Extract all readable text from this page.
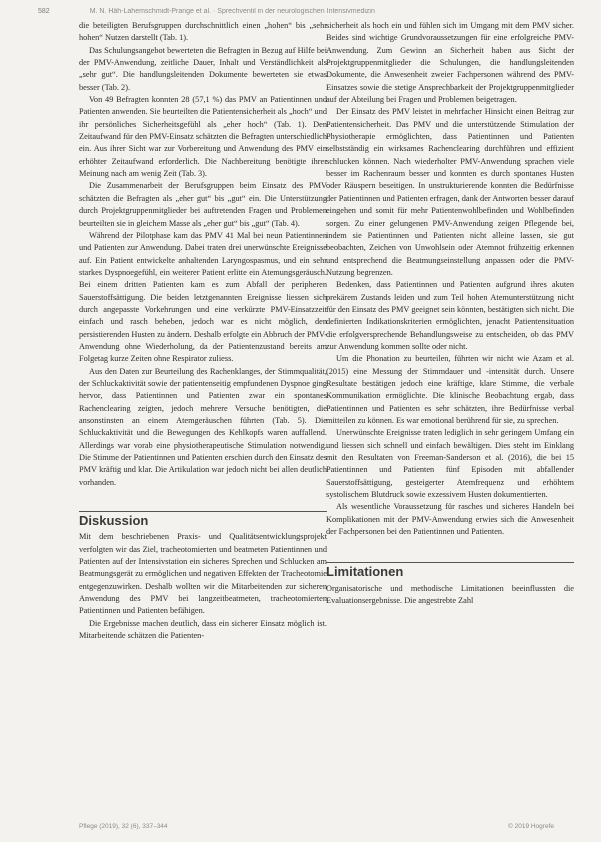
582	M. N. Häh-Lahemschmidt-Prange et al. · Sprechventil in der neurologischen Intensivmedizin

die beteiligten Berufsgruppen durchschnittlich einen „hohen“ bis „sehr hohen“ Nutzen darstellt (Tab. 1).

Das Schulungsangebot bewerteten die Befragten in Bezug auf Hilfe bei der PMV-Anwendung, zeitliche Dauer, Inhalt und Verständlichkeit als „sehr gut“. Die handlungsleitenden Dokumente bewerteten sie etwas besser (Tab. 2).

Von 49 Befragten konnten 28 (57,1 %) das PMV an Patientinnen und Patienten anwenden. Sie beurteilten die Patientensicherheit als „hoch“ und ihr persönliches Sicherheitsgefühl als „eher hoch“ (Tab. 1). Den Zeitaufwand für den PMV-Einsatz schätzten die Befragten unterschiedlich ein. Aus ihrer Sicht war zur Vorbereitung und Anwendung des PMV ein erhöhter Zeitaufwand erforderlich. Die Nachbereitung benötigte ihrer Meinung nach am wenig Zeit (Tab. 3).

Die Zusammenarbeit der Berufsgruppen beim Einsatz des PMV schätzten die Befragten als „eher gut“ bis „gut“ ein. Die Unterstützung durch Projektgruppenmitglieder bei auftretenden Fragen und Problemen beurteilten sie in gleichem Masse als „eher gut“ bis „gut“ (Tab. 4).

Während der Pilotphase kam das PMV 41 Mal bei neun Patientinnen und Patienten zur Anwendung. Dabei traten drei unerwünschte Ereignisse auf. Ein Patient entwickelte anhaltenden Laryngospasmus, und ein sehr starkes Dyspnoegefühl, ein weiterer Patient erlitte ein Atemungsgeräusch. Bei einem dritten Patienten kam es zum Abfall der peripheren Sauerstoffsättigung. Die beiden letztgenannten Ereignisse liessen sich durch angepasste Vorkehrungen und eine verkürzte PMV-Einsatzzeit einfach und rasch beheben, jedoch war es nicht möglich, den persistierenden Husten zu ändern. Deshalb erfolgte ein Abbruch der PMV-Anwendung ohne Wiederholung, da der Patientenzustand bereits am Folgetag kurze Zeiten ohne Respirator zuliess.

Aus den Daten zur Beurteilung des Rachenklanges, der Stimmqualität, der Schluckaktivität sowie der patientenseitig empfundenen Dyspnoe ging hervor, dass Patientinnen und Patienten zwar ein spontanes Rachenclearing zeigten, jedoch mehrere Versuche benötigten, die ansonstinsten an einem Atemgeräuschen führten (Tab. 5). Die Schluckaktivität und die Bewegungen des Kehlkopfs waren auffallend. Allerdings war vorab eine physiotherapeutische Stimulation notwendig. Die Stimme der Patientinnen und Patienten erschien durch den Einsatz des PMV kräftig und klar. Die Artikulation war jedoch nicht bei allen deutlich vorhanden.

Diskussion

Mit dem beschriebenen Praxis- und Qualitätsentwicklungsprojekt verfolgten wir das Ziel, tracheotomierten und beatmeten Patientinnen und Patienten auf der Intensivstation ein sicheres Sprechen und Schlucken am Beatmungsgerät zu ermöglichen und negativen Effekten der Tracheotomie entgegenzuwirken. Deshalb wollten wir die Mitarbeitenden zur sicheren Anwendung des PMV bei langzeitbeatmeten, tracheotomierten Patientinnen und Patienten befähigen.

Die Ergebnisse machen deutlich, dass ein sicherer Einsatz möglich ist. Mitarbeitende schätzen die Patienten-

sicherheit als hoch ein und fühlen sich im Umgang mit dem PMV sicher. Beides sind wichtige Grundvoraussetzungen für eine erfolgreiche PMV-Anwendung. Zum Gewinn an Sicherheit haben aus Sicht der Projektgruppenmitglieder die Schulungen, die handlungsleitenden Dokumente, die Anwesenheit zweier Fachpersonen während des PMV-Einsatzes sowie die stetige Ansprechbarkeit der Projektgruppenmitglieder auf der Abteilung bei Fragen und Problemen beigetragen.

Der Einsatz des PMV leistet in mehrfacher Hinsicht einen Beitrag zur Patientensicherheit. Das PMV und die unterstützende Stimulation der Physiotherapie ermöglichten, dass Patientinnen und Patienten selbstständig ein wirksames Rachenclearing durchführen und effizient schlucken können. Nach wiederholter PMV-Anwendung sprachen viele besser im Rachenraum besser und konnten es durch spontanes Husten oder Räuspern beseitigen. In unstrukturierende konnten die Bedürfnisse der Patientinnen und Patienten erfragen, dank der Antworten besser darauf eingehen und somit für mehr Patientenwohlbefinden und Wohlbefinden sorgen. Zu einer gelungenen PMV-Anwendung zeigen Pflegende bei, indem sie Patientinnen und Patienten nicht alleine lassen, sie gut beobachten, Zeichen von Unwohlsein oder Atemnot frühzeitig erkennen und entsprechend die Beatmungseinstellung anpassen oder die PMV-Nutzung begrenzen.

Bedenken, dass Patientinnen und Patienten aufgrund ihres akuten prekärem Zustands leiden und zum Teil hohen Atemunterstützung nicht für den Einsatz des PMV geeignet sein könnten, bestätigten sich nicht. Die definierten Indikationskriterien ermöglichten, jenacht Patientensituation die erfolgversprechende Behandlungsweise zu entscheiden, ob das PMV zur Anwendung kommen sollte oder nicht.

Um die Phonation zu beurteilen, führten wir nicht wie Azam et al. (2015) eine Messung der Stimmdauer und -intensität durch. Unsere Resultate bestätigen jedoch eine kräftige, klare Stimme, die verbale Kommunikation ermöglichte. Die klinische Beobachtung ergab, dass Patientinnen und Patienten es sehr schätzten, ihre Bedürfnisse verbal mitteilen zu können. Es war emotional berührend für sie, zu sprechen.

Unerwünschte Ereignisse traten lediglich in sehr geringem Umfang ein und liessen sich schnell und einfach bewältigen. Dies steht im Einklang mit den Resultaten von Freeman-Sanderson et al. (2016), die bei 15 Patientinnen und Patienten fünf Episoden mit abfallender Sauerstoffsättigung, gesteigerter Atemfrequenz und erhöhtem systolischem Blutdruck sowie exzessivem Husten dokumentierten.

Als wesentliche Voraussetzung für rasches und sicheres Handeln bei Komplikationen mit der PMV-Anwendung erwies sich die Anwesenheit der Fachpersonen bei den Patientinnen und Patienten.

Limitationen

Organisatorische und methodische Limitationen beeinflussten die Evaluationsergebnisse. Die angestrebte Zahl

Pflege (2019), 32 (6), 337–344	© 2019 Hogrefe
